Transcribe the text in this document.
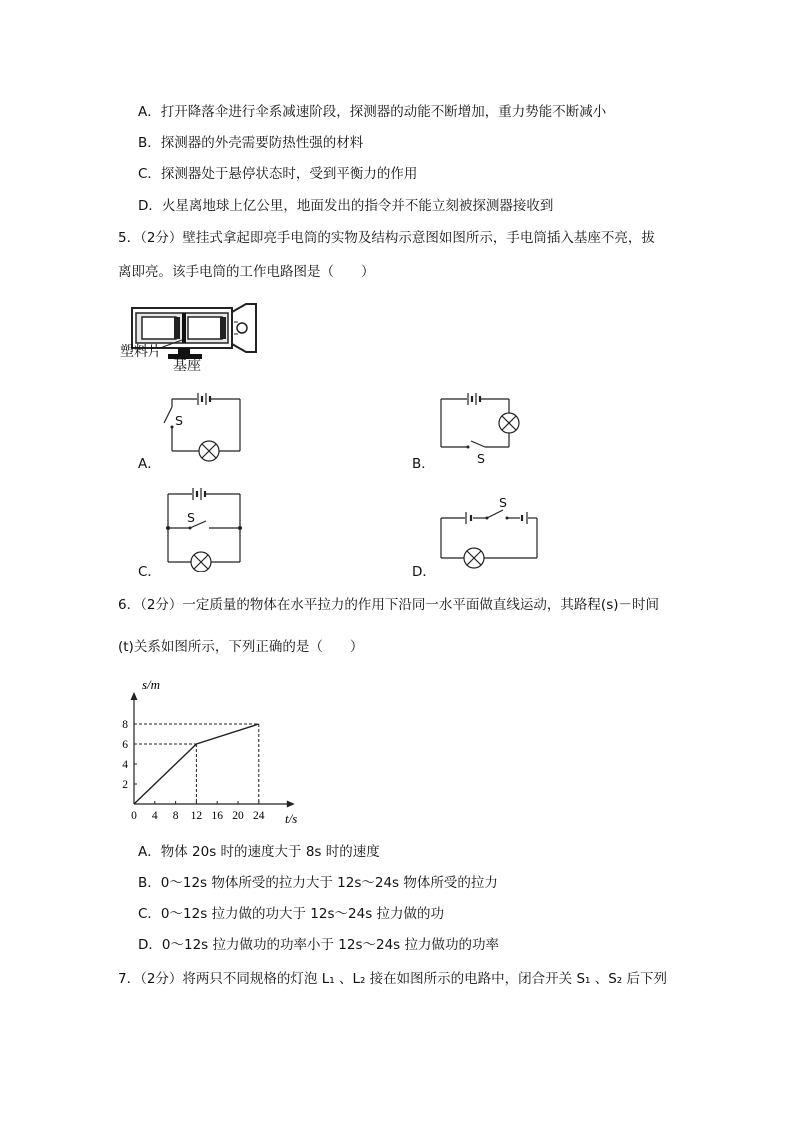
A．打开降落伞进行伞系减速阶段，探测器的动能不断增加，重力势能不断减小
B．探测器的外壳需要防热性强的材料
C．探测器处于悬停状态时，受到平衡力的作用
D．火星离地球上亿公里，地面发出的指令并不能立刻被探测器接收到
5．（2分）壁挂式拿起即亮手电筒的实物及结构示意图如图所示，手电筒插入基座不亮，拔
离即亮。该手电筒的工作电路图是（　　）
塑料片
基座
S
A．	S
B．
S
C．
S
D．
6．（2分）一定质量的物体在水平拉力的作用下沿同一水平面做直线运动，其路程(s)－时间
(t)关系如图所示，下列正确的是（　　）
0 4 8 12 16 20 24
2
4
6
8
s/m
t/s
A．物体 20s 时的速度大于 8s 时的速度
B．0～12s 物体所受的拉力大于 12s～24s 物体所受的拉力
C．0～12s 拉力做的功大于 12s～24s 拉力做的功
D．0～12s 拉力做功的功率小于 12s～24s 拉力做功的功率
7．（2分）将两只不同规格的灯泡 L₁ 、L₂ 接在如图所示的电路中，闭合开关 S₁ 、S₂ 后下列
